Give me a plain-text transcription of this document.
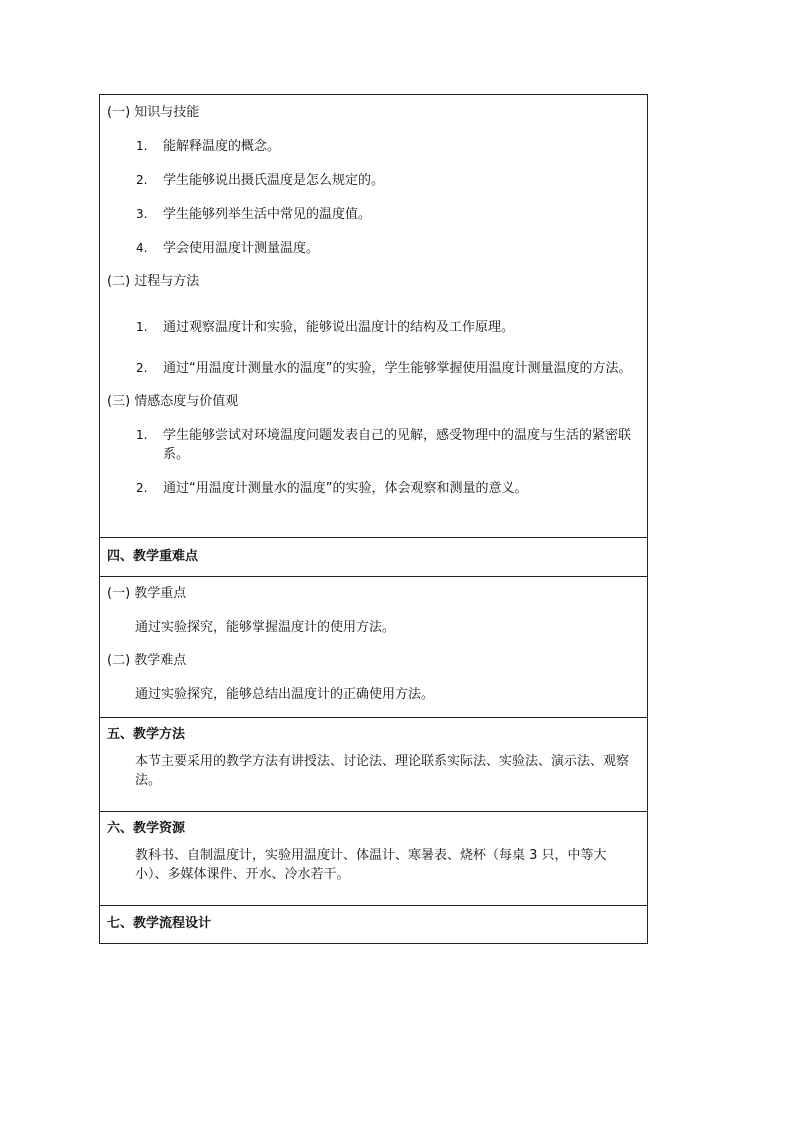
(一) 知识与技能
1.	能解释温度的概念。
2.	学生能够说出摄氏温度是怎么规定的。
3.	学生能够列举生活中常见的温度值。
4.	学会使用温度计测量温度。
(二) 过程与方法
1.	通过观察温度计和实验，能够说出温度计的结构及工作原理。
2.	通过“用温度计测量水的温度”的实验，学生能够掌握使用温度计测量温度的方法。
(三) 情感态度与价值观
1.	学生能够尝试对环境温度问题发表自己的见解，感受物理中的温度与生活的紧密联系。
2.	通过“用温度计测量水的温度”的实验，体会观察和测量的意义。
四、教学重难点
(一) 教学重点
通过实验探究，能够掌握温度计的使用方法。
(二) 教学难点
通过实验探究，能够总结出温度计的正确使用方法。
五、教学方法
本节主要采用的教学方法有讲授法、讨论法、理论联系实际法、实验法、演示法、观察法。
六、教学资源
教科书、自制温度计，实验用温度计、体温计、寒暑表、烧杯（每桌 3 只，中等大小）、多媒体课件、开水、冷水若干。
七、教学流程设计
